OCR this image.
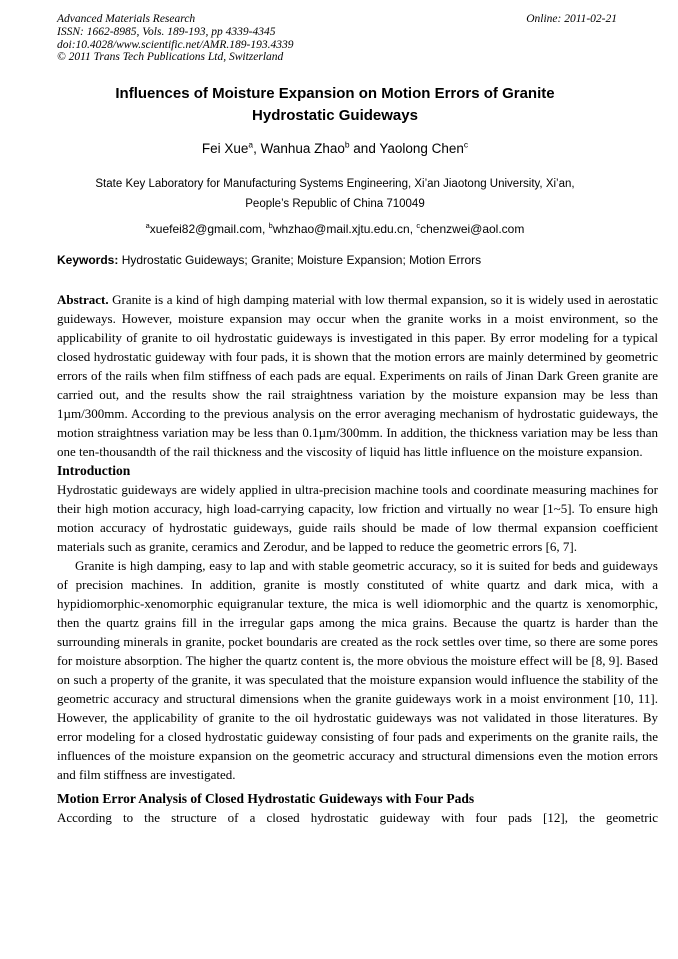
Advanced Materials Research
ISSN: 1662-8985, Vols. 189-193, pp 4339-4345
doi:10.4028/www.scientific.net/AMR.189-193.4339
© 2011 Trans Tech Publications Ltd, Switzerland
Online: 2011-02-21
Influences of Moisture Expansion on Motion Errors of Granite
Hydrostatic Guideways
Fei Xue$^a$, Wanhua Zhao$^b$ and Yaolong Chen$^c$
State Key Laboratory for Manufacturing Systems Engineering, Xi’an Jiaotong University, Xi’an,
People’s Republic of China 710049
$^a$xuefei82@gmail.com, $^b$whzhao@mail.xjtu.edu.cn, $^c$chenzwei@aol.com
Keywords: Hydrostatic Guideways; Granite; Moisture Expansion; Motion Errors

Abstract. Granite is a kind of high damping material with low thermal expansion, so it is widely used in aerostatic guideways. However, moisture expansion may occur when the granite works in a moist environment, so the applicability of granite to oil hydrostatic guideways is investigated in this paper. By error modeling for a typical closed hydrostatic guideway with four pads, it is shown that the motion errors are mainly determined by geometric errors of the rails when film stiffness of each pads are equal. Experiments on rails of Jinan Dark Green granite are carried out, and the results show the rail straightness variation by the moisture expansion may be less than 1µm/300mm. According to the previous analysis on the error averaging mechanism of hydrostatic guideways, the motion straightness variation may be less than 0.1µm/300mm. In addition, the thickness variation may be less than one ten-thousandth of the rail thickness and the viscosity of liquid has little influence on the moisture expansion.

Introduction

Hydrostatic guideways are widely applied in ultra-precision machine tools and coordinate measuring machines for their high motion accuracy, high load-carrying capacity, low friction and virtually no wear [1~5]. To ensure high motion accuracy of hydrostatic guideways, guide rails should be made of low thermal expansion coefficient materials such as granite, ceramics and Zerodur, and be lapped to reduce the geometric errors [6, 7].

Granite is high damping, easy to lap and with stable geometric accuracy, so it is suited for beds and guideways of precision machines. In addition, granite is mostly constituted of white quartz and dark mica, with a hypidiomorphic-xenomorphic equigranular texture, the mica is well idiomorphic and the quartz is xenomorphic, then the quartz grains fill in the irregular gaps among the mica grains. Because the quartz is harder than the surrounding minerals in granite, pocket boundaris are created as the rock settles over time, so there are some pores for moisture absorption. The higher the quartz content is, the more obvious the moisture effect will be [8, 9]. Based on such a property of the granite, it was speculated that the moisture expansion would influence the stability of the geometric accuracy and structural dimensions when the granite guideways work in a moist environment [10, 11]. However, the applicability of granite to the oil hydrostatic guideways was not validated in those literatures. By error modeling for a closed hydrostatic guideway consisting of four pads and experiments on the granite rails, the influences of the moisture expansion on the geometric accuracy and structural dimensions even the motion errors and film stiffness are investigated.

Motion Error Analysis of Closed Hydrostatic Guideways with Four Pads

According to the structure of a closed hydrostatic guideway with four pads [12], the geometric
